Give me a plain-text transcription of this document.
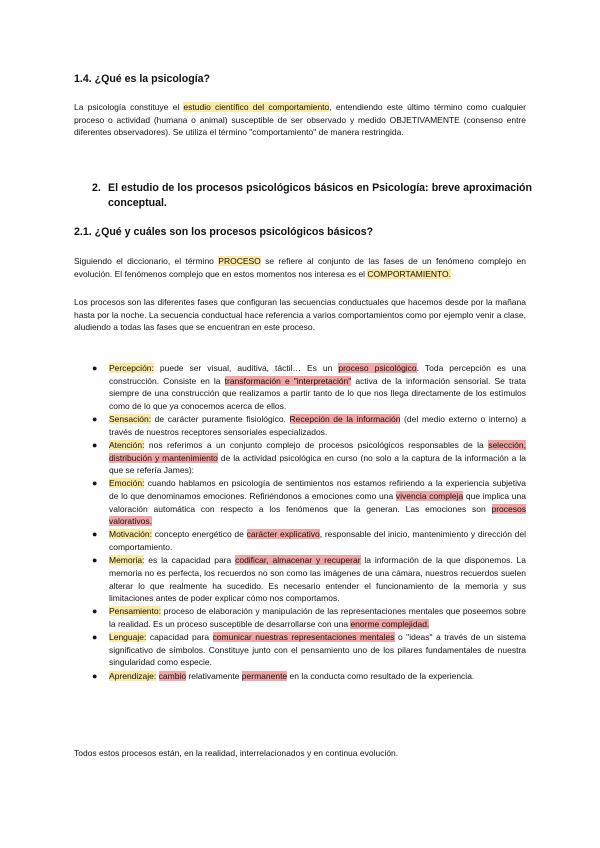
1.4. ¿Qué es la psicología?

La psicología constituye el estudio científico del comportamiento, entendiendo este último término como cualquier proceso o actividad (humana o animal) susceptible de ser observado y medido OBJETIVAMENTE (consenso entre diferentes observadores). Se utiliza el término "comportamiento" de manera restringida.

2. El estudio de los procesos psicológicos básicos en Psicología: breve aproximación conceptual.
2.1. ¿Qué y cuáles son los procesos psicológicos básicos?

Siguiendo el diccionario, el término PROCESO se refiere al conjunto de las fases de un fenómeno complejo en evolución. El fenómenos complejo que en estos momentos nos interesa es el COMPORTAMIENTO.

Los procesos son las diferentes fases que configuran las secuencias conductuales que hacemos desde por la mañana hasta por la noche. La secuencia conductual hace referencia a varios comportamientos como por ejemplo venir a clase, aludiendo a todas las fases que se encuentran en este proceso.

● Percepción: puede ser visual, auditiva, táctil… Es un proceso psicológico. Toda percepción es una construcción. Consiste en la transformación e "interpretación" activa de la información sensorial. Se trata siempre de una construcción que realizamos a partir tanto de lo que nos llega directamente de los estímulos como de lo que ya conocemos acerca de ellos.
● Sensación: de carácter puramente fisiológico. Recepción de la información (del medio externo o interno) a través de nuestros receptores sensoriales especializados.
● Atención: nos referimos a un conjunto complejo de procesos psicológicos responsables de la selección, distribución y mantenimiento de la actividad psicológica en curso (no solo a la captura de la información a la que se refería James):
● Emoción: cuando hablamos en psicología de sentimientos nos estamos refiriendo a la experiencia subjetiva de lo que denominamos emociones. Refiriéndonos a emociones como una vivencia compleja que implica una valoración automática con respecto a los fenómenos que la generan. Las emociones son procesos valorativos.
● Motivación: concepto energético de carácter explicativo, responsable del inicio, mantenimiento y dirección del comportamiento.
● Memoria: es la capacidad para codificar, almacenar y recuperar la información de la que disponemos. La memoria no es perfecta, los recuerdos no son como las imágenes de una cámara, nuestros recuerdos suelen alterar lo que realmente ha sucedido. Es necesario entender el funcionamiento de la memoria y sus limitaciones antes de poder explicar cómo nos comportamos.
● Pensamiento: proceso de elaboración y manipulación de las representaciones mentales que poseemos sobre la realidad. Es un proceso susceptible de desarrollarse con una enorme complejidad.
● Lenguaje: capacidad para comunicar nuestras representaciones mentales o "ideas" a través de un sistema significativo de símbolos. Constituye junto con el pensamiento uno de los pilares fundamentales de nuestra singularidad como especie.
● Aprendizaje: cambio relativamente permanente en la conducta como resultado de la experiencia.

Todos estos procesos están, en la realidad, interrelacionados y en continua evolución.
